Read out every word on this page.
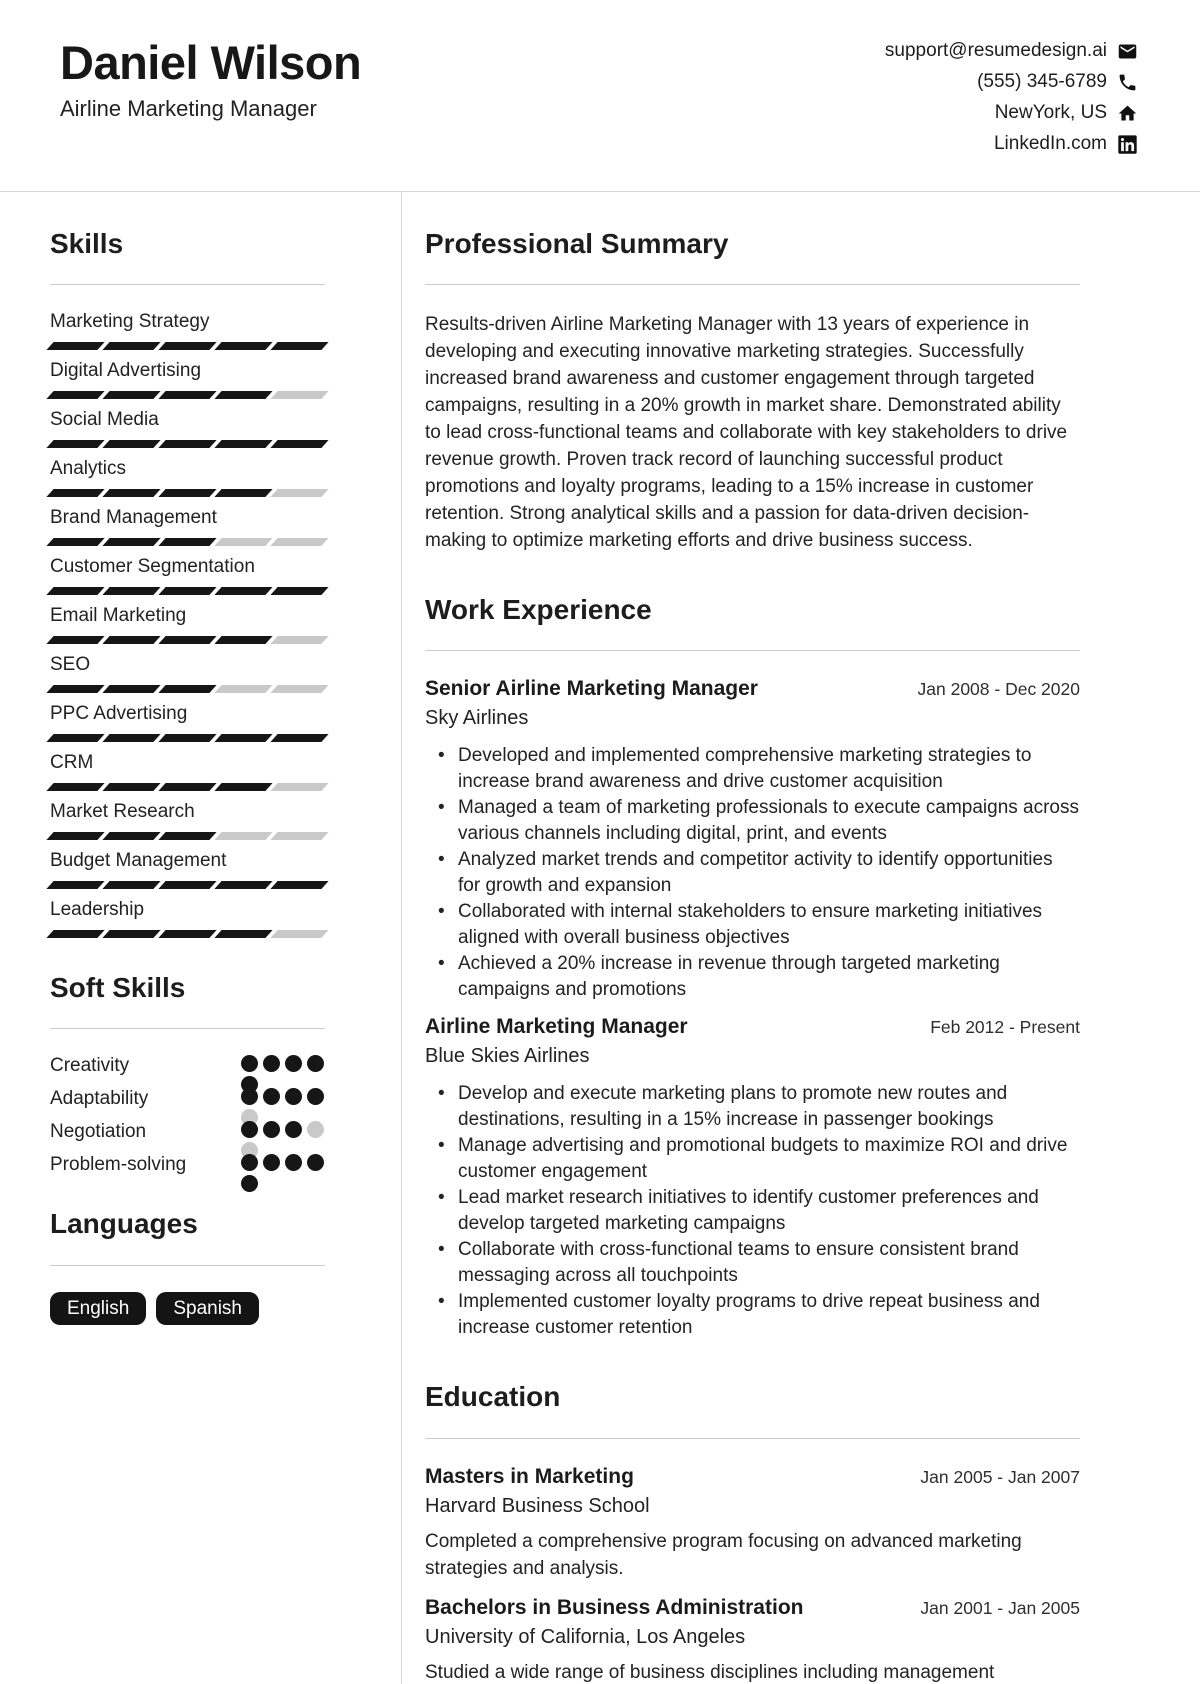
Daniel Wilson
Airline Marketing Manager
support@resumedesign.ai
(555) 345-6789
NewYork, US
LinkedIn.com
Skills
Marketing Strategy
Digital Advertising
Social Media
Analytics
Brand Management
Customer Segmentation
Email Marketing
SEO
PPC Advertising
CRM
Market Research
Budget Management
Leadership
Soft Skills
Creativity
Adaptability
Negotiation
Problem-solving
Languages
English	Spanish
Professional Summary

Results-driven Airline Marketing Manager with 13 years of experience in developing and executing innovative marketing strategies. Successfully increased brand awareness and customer engagement through targeted campaigns, resulting in a 20% growth in market share. Demonstrated ability to lead cross-functional teams and collaborate with key stakeholders to drive revenue growth. Proven track record of launching successful product promotions and loyalty programs, leading to a 15% increase in customer retention. Strong analytical skills and a passion for data-driven decision-making to optimize marketing efforts and drive business success.

Work Experience
Senior Airline Marketing Manager	Jan 2008 - Dec 2020
Sky Airlines
• Developed and implemented comprehensive marketing strategies to increase brand awareness and drive customer acquisition
• Managed a team of marketing professionals to execute campaigns across various channels including digital, print, and events
• Analyzed market trends and competitor activity to identify opportunities for growth and expansion
• Collaborated with internal stakeholders to ensure marketing initiatives aligned with overall business objectives
• Achieved a 20% increase in revenue through targeted marketing campaigns and promotions
Airline Marketing Manager	Feb 2012 - Present
Blue Skies Airlines
• Develop and execute marketing plans to promote new routes and destinations, resulting in a 15% increase in passenger bookings
• Manage advertising and promotional budgets to maximize ROI and drive customer engagement
• Lead market research initiatives to identify customer preferences and develop targeted marketing campaigns
• Collaborate with cross-functional teams to ensure consistent brand messaging across all touchpoints
• Implemented customer loyalty programs to drive repeat business and increase customer retention
Education
Masters in Marketing	Jan 2005 - Jan 2007
Harvard Business School

Completed a comprehensive program focusing on advanced marketing strategies and analysis.

Bachelors in Business Administration	Jan 2001 - Jan 2005
University of California, Los Angeles

Studied a wide range of business disciplines including management
